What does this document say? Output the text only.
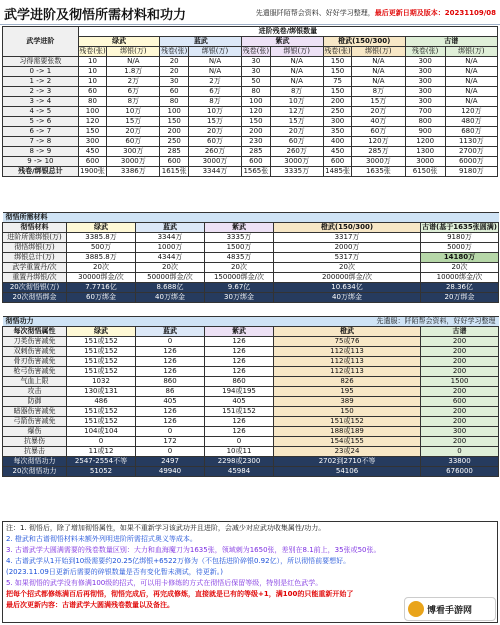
武学进阶及彻悟所需材料和功力	先遣服阡陌帮会资料、好好学习整理，最后更新日期及版本：20231109/08
武学进阶	进阶残卷/绑银数量									
	绿武		蓝武		紫武		橙武(150/300)		古谱	
	残卷(张)	绑银(万)	残卷(张)	绑银(万)	残卷(张)	绑银(万)	残卷(张)	绑银(万)	残卷(张)	绑银(万)
习得需要张数	10	N/A	20	N/A	30	N/A	150	N/A	300	N/A
0 -> 1	10	1.8万	20	N/A	30	N/A	150	N/A	300	N/A
1 -> 2	10	2万	30	2万	50	N/A	75	N/A	300	N/A
2 -> 3	60	6万	60	6万	80	8万	150	8万	300	N/A
3 -> 4	80	8万	80	8万	100	10万	200	15万	300	N/A
4 -> 5	100	10万	100	10万	120	12万	250	20万	700	120万
5 -> 6	120	15万	150	15万	150	15万	300	40万	800	480万
6 -> 7	150	20万	200	20万	200	20万	350	60万	900	680万
7 -> 8	300	60万	250	60万	230	60万	400	120万	1200	1130万
8 -> 9	450	300万	285	260万	285	260万	450	285万	1300	2700万
9 -> 10	600	3000万	600	3000万	600	3000万	600	3000万	3000	6000万
残卷/绑银总计	1900张	3386万	1615张	3344万	1565张	3335万	1485张	1635张	6150张	9180万
彻悟所需材料					
彻悟材料	绿武	蓝武	紫武	橙武(150/300)	古谱(基于1635张圆满)
进阶所需绑银(万)	3385.8万	3344万	3335万	3317万	9180万
彻悟绑银(万)	500万	1000万	1500万	2000万	5000万
绑银总计(万)	3885.8万	4344万	4835万	5317万	14180万
武学重置丹/次	20次	20次	20次	20次	20次
重置丹绑银/次	30000绑金/次	50000绑金/次	150000绑金/次	200000绑金/次	10000绑金/次
20次彻悟银(万)	7.7716亿	8.688亿	9.67亿	10.634亿	28.36亿
20次彻悟绑金	60万绑金	40万绑金	30万绑金	40万绑金	20万绑金
彻悟功力			先遣服：阡陌帮会资料，好好学习整理		
每次彻悟属性	绿武	蓝武	紫武	橙武	古谱
刀类伤害减免	151或152	0	126	75或76	200
双刺伤害减免	151或152	126	126	112或113	200
骨刃伤害减免	151或152	126	126	112或113	200
枪弓伤害减免	151或152	126	126	112或113	200
气血上限	1032	860	860	826	1500
攻击	130或131	86	194或195	195	200
防御	486	405	405	389	600
暗器伤害减免	151或152	126	151或152	150	200
弓箭伤害减免	151或152	126	126	151或152	200
爆伤	104或104	0	126	188或189	300
抗暴伤	0	172	0	154或155	200
抗暴击	11或12	0	10或11	23或24	0
每次彻悟功力	2547-2554不等	2497	2298或2300	2702到2710不等	33800
20次彻悟功力	51052	49940	45984	54106	676000
注：1. 彻悟后，除了增加彻悟属性，如果不重新学习该武功并且进阶，会减少对应武功收集属性/功力。
2. 橙武和古谱彻悟材料未额外列明进阶所需招式奥义等成本。
3. 古谱武学大圆满需要的残卷数量区别：大力和血海魔刀为1635张，领域刺为1650张，差别在8.1前上，35张或50张。
4. 古谱武学从1开始到10级需要约20.25亿绑银+6522万修为（不包括进阶碎银0.92亿），所以彻悟前要想好。
(2023.11.09日更新后需要的碎银数量是否有变化暂未测试，待更新。)
5. 如果彻悟的武学没有修满100级的招式，可以用卡修练的方式在彻悟后保留等级，特别是红色武学。
把每个招式都修练满百后再彻悟，彻悟完成后，再完成修炼，直接就是已有的等级+1，满100的只能重新开始了
最后次更新内容：古谱武学大圆满残卷数量以及备注。
博看手游网
